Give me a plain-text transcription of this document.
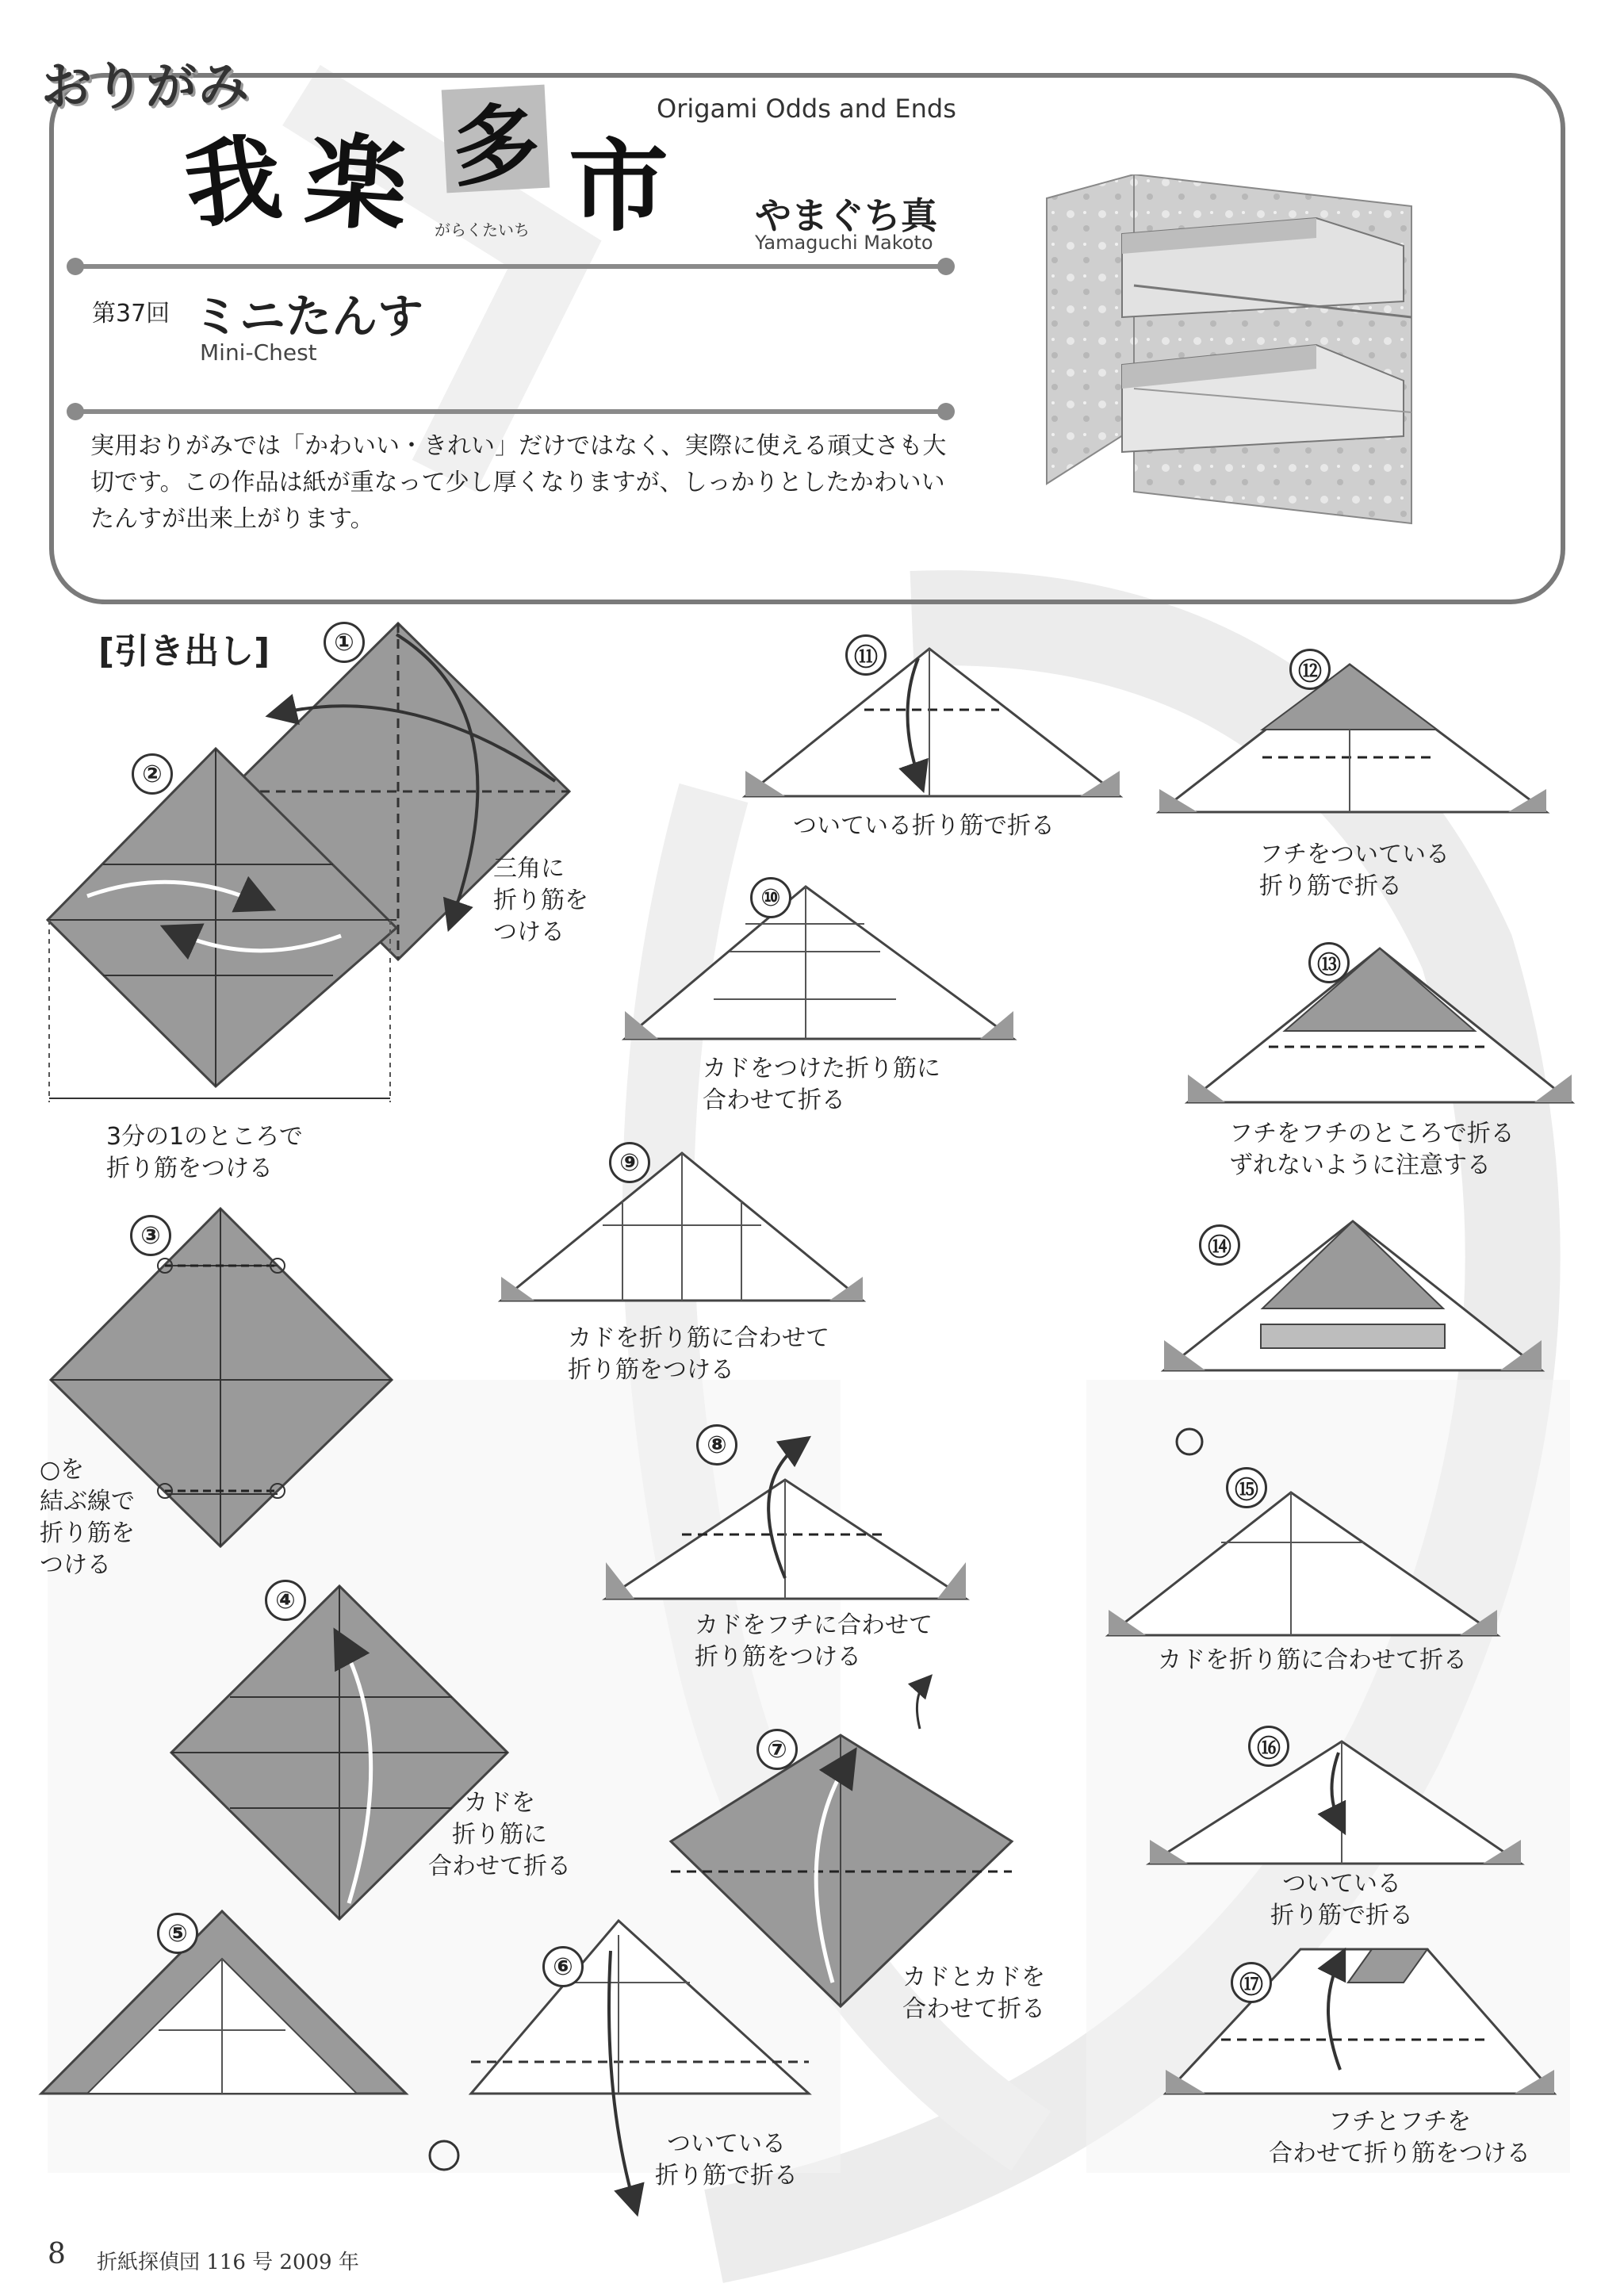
おりがみ
我 楽 多 市
がらくたいち
Origami Odds and Ends
やまぐち真
Yamaguchi Makoto
第37回 ミニたんす
Mini-Chest
実用おりがみでは「かわいい・きれい」だけではなく、実際に使える頑丈さも大切です。この作品は紙が重なって少し厚くなりますが、しっかりとしたかわいいたんすが出来上がります。
[引き出し]	①
②
③
④
⑤
⑥
⑦
⑧
⑨
⑩
⑪
⑫
⑬
⑭
⑮
⑯
⑰
三角に
折り筋を
つける
3分の1のところで
折り筋をつける
○を
結ぶ線で
折り筋を
つける
カドを
折り筋に
合わせて折る
ついている
折り筋で折る
カドとカドを
合わせて折る
カドをフチに合わせて
折り筋をつける
カドを折り筋に合わせて
折り筋をつける
カドをつけた折り筋に
合わせて折る
ついている折り筋で折る
フチをついている
折り筋で折る
フチをフチのところで折る
ずれないように注意する
カドを折り筋に合わせて折る
ついている
折り筋で折る
フチとフチを
合わせて折り筋をつける
8 折紙探偵団 116 号 2009 年
